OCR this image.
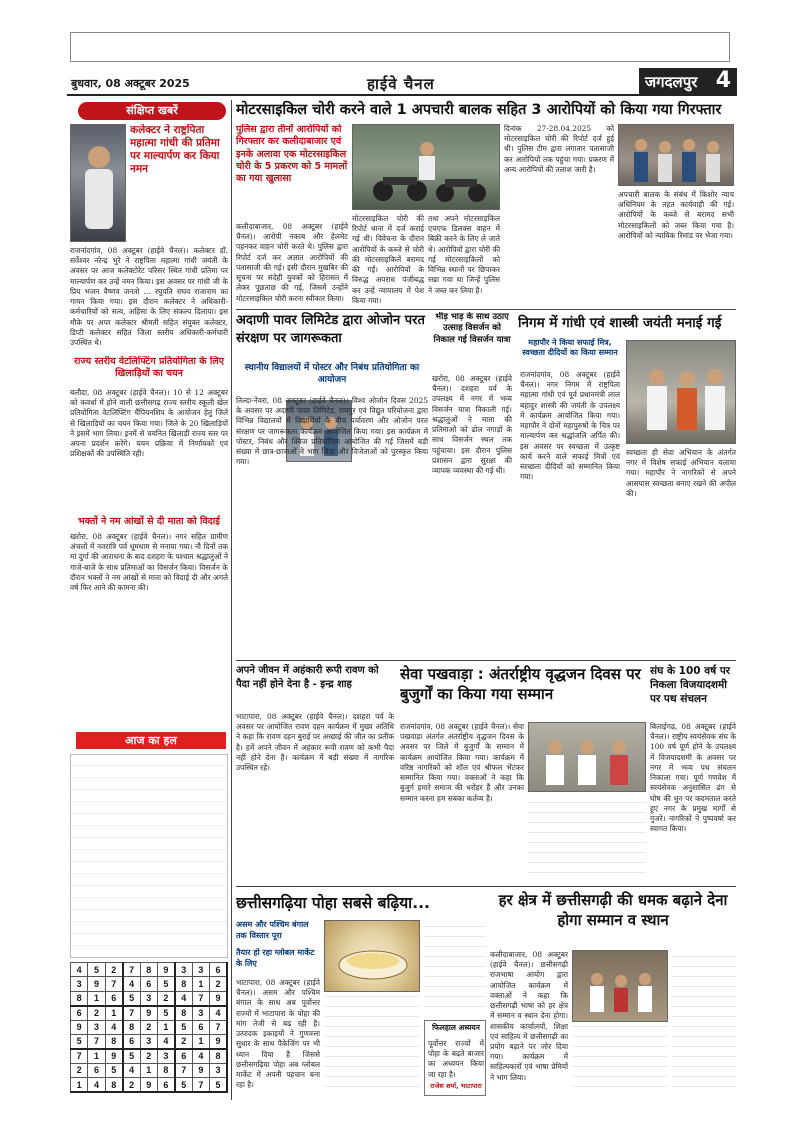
बुधवार, 08 अक्टूबर 2025	हाईवे चैनल	जगदलपुर 4
संक्षिप्त खबरें
कलेक्टर ने राष्ट्रपिता महात्मा गांधी की प्रतिमा पर माल्यार्पण कर किया नमन
राजनांदगांव, 08 अक्टूबर (हाईवे चैनल)। कलेक्टर डॉ. सर्वेश्वर नरेन्द्र भुरे ने राष्ट्रपिता महात्मा गांधी जयंती के अवसर पर आज कलेक्टोरेट परिसर स्थित गांधी प्रतिमा पर माल्यार्पण कर उन्हें नमन किया। इस अवसर पर गांधी जी के प्रिय भजन वैष्णव जनतो ... रघुपति राघव राजाराम का गायन किया गया। इस दौरान कलेक्टर ने अधिकारी-कर्मचारियों को सत्य, अहिंसा के लिए संकल्प दिलाया। इस मौके पर अपर कलेक्टर श्रीमती सहित संयुक्त कलेक्टर, डिप्टी कलेक्टर सहित जिला स्तरीय अधिकारी-कर्मचारी उपस्थित थे।
राज्य स्तरीय वेटलिफ्टिंग प्रतियोगिता के लिए खिलाड़ियों का चयन
बलौदा, 08 अक्टूबर (हाईवे चैनल)। 10 से 12 अक्टूबर को कवर्धा में होने वाली छत्तीसगढ़ राज्य स्तरीय स्कूली खेल प्रतियोगिता वेटलिफ्टिंग चैंपियनशिप के आयोजन हेतु जिले से खिलाड़ियों का चयन किया गया। जिले के 20 खिलाड़ियों ने इसमें भाग लिया। इनमें से चयनित खिलाड़ी राज्य स्तर पर अपना प्रदर्शन करेंगे। चयन प्रक्रिया में निर्णायकों एवं प्रशिक्षकों की उपस्थिति रही।
भक्तों ने नम आंखों से दी माता को विदाई
खरोरा, 08 अक्टूबर (हाईवे चैनल)। नगर सहित ग्रामीण अंचलों में नवरात्रि पर्व धूमधाम से मनाया गया। नौ दिनों तक मां दुर्गा की आराधना के बाद दशहरा के पश्चात श्रद्धालुओं ने गाजे-बाजे के साथ प्रतिमाओं का विसर्जन किया। विसर्जन के दौरान भक्तों ने नम आंखों से माता को विदाई दी और अगले वर्ष फिर आने की कामना की।
आज का हल
4	5	2	7	8	9	3	3	6
3	9	7	4	6	5	8	1	2
8	1	6	5	3	2	4	7	9
6	2	1	7	9	5	8	3	4
9	3	4	8	2	1	5	6	7
5	7	8	6	3	4	2	1	9
7	1	9	5	2	3	6	4	8
2	6	5	4	1	8	7	9	3
1	4	8	2	9	6	5	7	5
मोटरसाइकिल चोरी करने वाले 1 अपचारी बालक सहित 3 आरोपियों को किया गया गिरफ्तार
पुलिस द्वारा तीनों आरोपियों को गिरफ्तार कर कलीदाबाजार एवं इनके अलावा एक मोटरसाइकिल चोरी के 5 प्रकरण को 5 मामलों का गया खुलासा
कलीदाबाजार, 08 अक्टूबर (हाईवे चैनल)। आरोपी नकाब और हेलमेट पहनकर वाहन चोरी करते थे। पुलिस द्वारा रिपोर्ट दर्ज कर अज्ञात आरोपियों की पतासाजी की गई। इसी दौरान मुखबिर की सूचना पर संदेही युवकों को हिरासत में लेकर पूछताछ की गई, जिसमें उन्होंने मोटरसाइकिल चोरी करना स्वीकार किया।
मोटरसाइकिल चोरी की रिपोर्ट थाना में दर्ज कराई गई थी। विवेचना के दौरान आरोपियों के कब्जे से चोरी की मोटरसाइकिलें बरामद की गईं। आरोपियों के विरुद्ध अपराध पंजीबद्ध कर उन्हें न्यायालय में पेश किया गया।
तथा अपने मोटरसाइकिल एचएफ डिलक्स वाहन में बिक्री करने के लिए ले जाते थे। आरोपियों द्वारा चोरी की गई मोटरसाइकिलों को विभिन्न स्थानों पर छिपाकर रखा गया था जिन्हें पुलिस ने जब्त कर लिया है।
दिनांक 27-28.04.2025 को मोटरसाइकिल चोरी की रिपोर्ट दर्ज हुई थी। पुलिस टीम द्वारा लगातार पतासाजी कर आरोपियों तक पहुंचा गया। प्रकरण में अन्य आरोपियों की तलाश जारी है।
अपचारी बालक के संबंध में किशोर न्याय अधिनियम के तहत कार्यवाही की गई। आरोपियों के कब्जे से बरामद सभी मोटरसाइकिलों को जब्त किया गया है। आरोपियों को न्यायिक रिमांड पर भेजा गया।
अदाणी पावर लिमिटेड द्वारा ओजोन परत संरक्षण पर जागरूकता
स्थानीय विद्यालयों में पोस्टर और निबंध प्रतियोगिता का आयोजन
तिल्दा-नेवरा, 08 अक्टूबर (हाईवे चैनल)। विश्व ओजोन दिवस 2025 के अवसर पर अदाणी पावर लिमिटेड, रायपुर एवं विद्युत परियोजना द्वारा विभिन्न विद्यालयों में विद्यार्थियों के बीच पर्यावरण और ओजोन परत संरक्षण पर जागरूकता कार्यक्रम आयोजित किया गया। इस कार्यक्रम में पोस्टर, निबंध और क्विज प्रतियोगिता आयोजित की गई जिसमें बड़ी संख्या में छात्र-छात्राओं ने भाग लिया और विजेताओं को पुरस्कृत किया गया।
भीड़ भाड़ के साथ उठाए उत्साह विसर्जन को निकाल गई विसर्जन यात्रा
खरोरा, 08 अक्टूबर (हाईवे चैनल)। दशहरा पर्व के उपलक्ष्य में नगर में भव्य विसर्जन यात्रा निकाली गई। श्रद्धालुओं ने माता की प्रतिमाओं को ढोल नगाड़ों के साथ विसर्जन स्थल तक पहुंचाया। इस दौरान पुलिस प्रशासन द्वारा सुरक्षा की व्यापक व्यवस्था की गई थी।
निगम में गांधी एवं शास्त्री जयंती मनाई गई
महापौर ने किया सफाई मित्र, स्वच्छता दीदियों का किया सम्मान
राजनांदगांव, 08 अक्टूबर (हाईवे चैनल)। नगर निगम में राष्ट्रपिता महात्मा गांधी एवं पूर्व प्रधानमंत्री लाल बहादुर शास्त्री की जयंती के उपलक्ष्य में कार्यक्रम आयोजित किया गया। महापौर ने दोनों महापुरुषों के चित्र पर माल्यार्पण कर श्रद्धांजलि अर्पित की। इस अवसर पर स्वच्छता में उत्कृष्ट कार्य करने वाले सफाई मित्रों एवं स्वच्छता दीदियों को सम्मानित किया गया।
स्वच्छता ही सेवा अभियान के अंतर्गत नगर में विशेष सफाई अभियान चलाया गया। महापौर ने नागरिकों से अपने आसपास स्वच्छता बनाए रखने की अपील की।
अपने जीवन में अहंकारी रूपी रावण को पैदा नहीं होने देना है - इन्द्र शाह
भाटापारा, 08 अक्टूबर (हाईवे चैनल)। दशहरा पर्व के अवसर पर आयोजित रावण दहन कार्यक्रम में मुख्य अतिथि ने कहा कि रावण दहन बुराई पर अच्छाई की जीत का प्रतीक है। हमें अपने जीवन में अहंकार रूपी रावण को कभी पैदा नहीं होने देना है। कार्यक्रम में बड़ी संख्या में नागरिक उपस्थित रहे।
सेवा पखवाड़ा : अंतर्राष्ट्रीय वृद्धजन दिवस पर बुजुर्गों का किया गया सम्मान
राजनांदगांव, 08 अक्टूबर (हाईवे चैनल)। सेवा पखवाड़ा अंतर्गत अंतर्राष्ट्रीय वृद्धजन दिवस के अवसर पर जिले में बुजुर्गों के सम्मान में कार्यक्रम आयोजित किया गया। कार्यक्रम में वरिष्ठ नागरिकों को शॉल एवं श्रीफल भेंटकर सम्मानित किया गया। वक्ताओं ने कहा कि बुजुर्ग हमारे समाज की धरोहर हैं और उनका सम्मान करना हम सबका कर्तव्य है।
संघ के 100 वर्ष पर निकला विजयादशमी पर पथ संचलन
बिलाईगढ़, 08 अक्टूबर (हाईवे चैनल)। राष्ट्रीय स्वयंसेवक संघ के 100 वर्ष पूर्ण होने के उपलक्ष्य में विजयादशमी के अवसर पर नगर में भव्य पथ संचलन निकाला गया। पूर्ण गणवेश में स्वयंसेवक अनुशासित ढंग से घोष की धुन पर कदमताल करते हुए नगर के प्रमुख मार्गों से गुजरे। नागरिकों ने पुष्पवर्षा कर स्वागत किया।
छत्तीसगढ़िया पोहा सबसे बढ़िया...
असम और पश्चिम बंगाल तक विस्तार पूरा
तैयार हो रहा ग्लोबल मार्केट के लिए
भाटापारा, 08 अक्टूबर (हाईवे चैनल)। असम और पश्चिम बंगाल के साथ अब पूर्वोत्तर राज्यों में भाटापारा के पोहा की मांग तेजी से बढ़ रही है। उत्पादक इकाइयों ने गुणवत्ता सुधार के साथ पैकेजिंग पर भी ध्यान दिया है जिससे छत्तीसगढ़िया पोहा अब ग्लोबल मार्केट में अपनी पहचान बना रहा है।
फिलहाल अध्ययन
पूर्वोत्तर राज्यों में पोहा के बढ़ते बाजार का अध्ययन किया जा रहा है।
राजेश शर्मा, भाटापारा
हर क्षेत्र में छत्तीसगढ़ी की धमक बढ़ाने देना होगा सम्मान व स्थान
कलीदाबाजार, 08 अक्टूबर (हाईवे चैनल)। छत्तीसगढ़ी राजभाषा आयोग द्वारा आयोजित कार्यक्रम में वक्ताओं ने कहा कि छत्तीसगढ़ी भाषा को हर क्षेत्र में सम्मान व स्थान देना होगा। शासकीय कार्यालयों, शिक्षा एवं साहित्य में छत्तीसगढ़ी का प्रयोग बढ़ाने पर जोर दिया गया। कार्यक्रम में साहित्यकारों एवं भाषा प्रेमियों ने भाग लिया।
